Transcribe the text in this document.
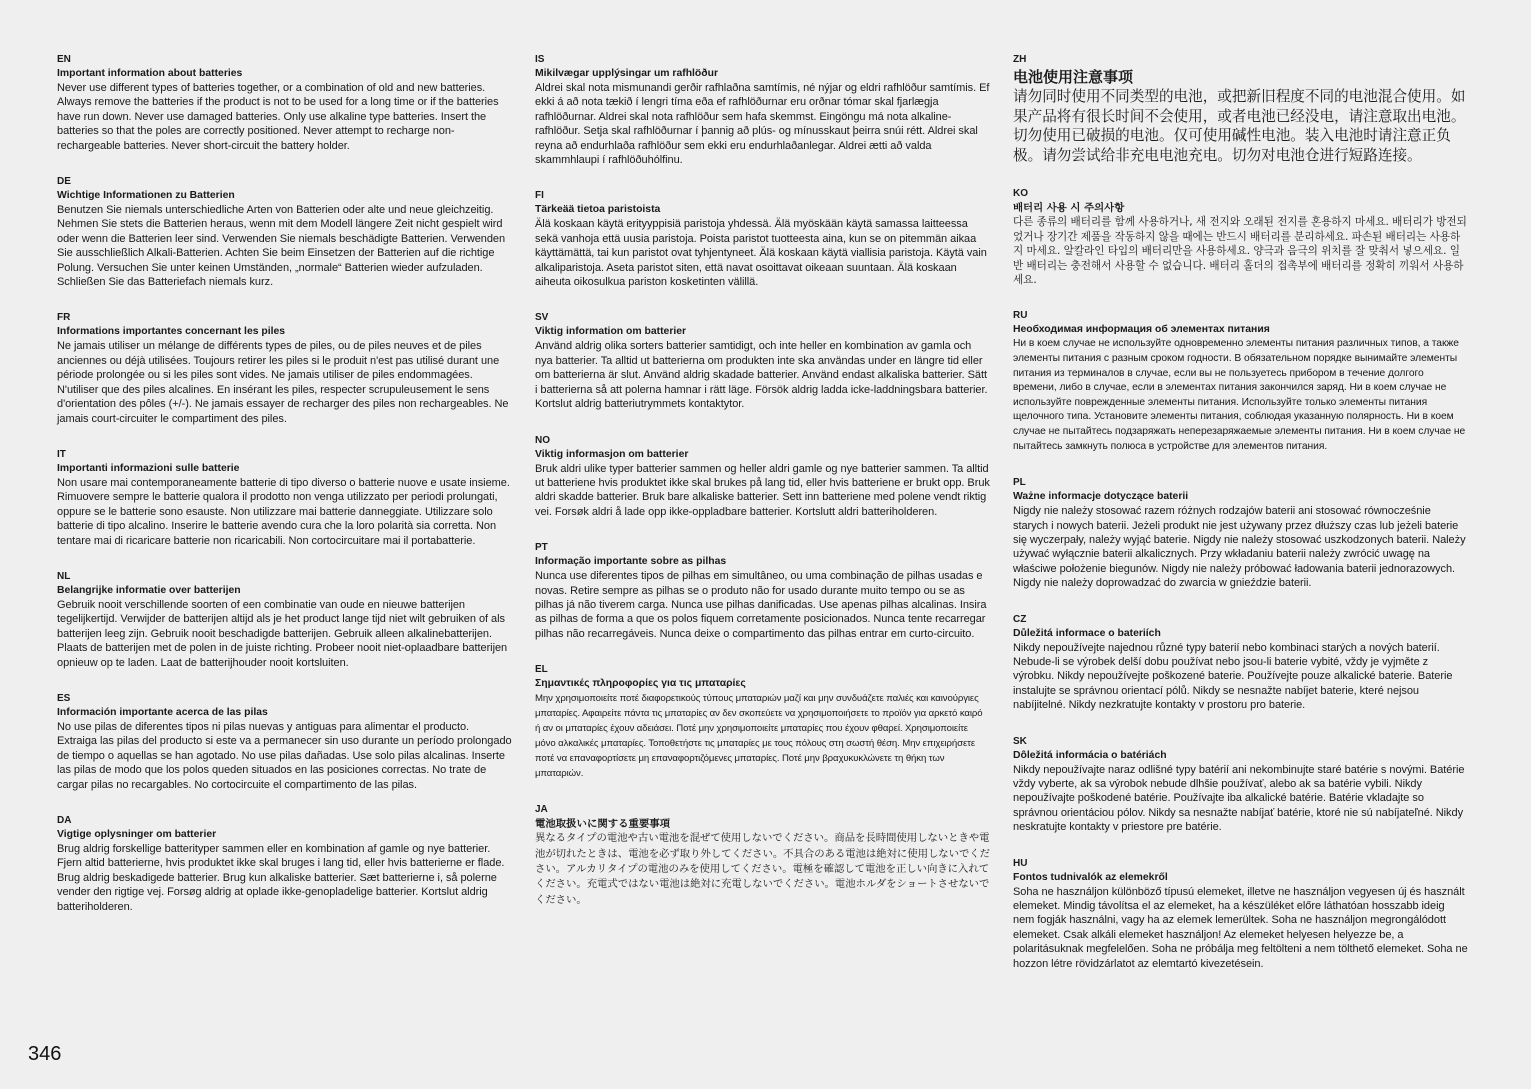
EN

Important information about batteries

Never use different types of batteries together, or a combination of old and new batteries. Always remove the batteries if the product is not to be used for a long time or if the batteries have run down. Never use damaged batteries. Only use alkaline type batteries. Insert the batteries so that the poles are correctly positioned. Never attempt to recharge non-rechargeable batteries. Never short-circuit the battery holder.

DE

Wichtige Informationen zu Batterien

Benutzen Sie niemals unterschiedliche Arten von Batterien oder alte und neue gleichzeitig. Nehmen Sie stets die Batterien heraus, wenn mit dem Modell längere Zeit nicht gespielt wird oder wenn die Batterien leer sind. Verwenden Sie niemals beschädigte Batterien. Verwenden Sie ausschließlich Alkali-Batterien. Achten Sie beim Einsetzen der Batterien auf die richtige Polung. Versuchen Sie unter keinen Umständen, „normale“ Batterien wieder aufzuladen. Schließen Sie das Batteriefach niemals kurz.

FR

Informations importantes concernant les piles

Ne jamais utiliser un mélange de différents types de piles, ou de piles neuves et de piles anciennes ou déjà utilisées. Toujours retirer les piles si le produit n'est pas utilisé durant une période prolongée ou si les piles sont vides. Ne jamais utiliser de piles endommagées. N'utiliser que des piles alcalines. En insérant les piles, respecter scrupuleusement le sens d'orientation des pôles (+/-). Ne jamais essayer de recharger des piles non rechargeables. Ne jamais court-circuiter le compartiment des piles.

IT

Importanti informazioni sulle batterie

Non usare mai contemporaneamente batterie di tipo diverso o batterie nuove e usate insieme. Rimuovere sempre le batterie qualora il prodotto non venga utilizzato per periodi prolungati, oppure se le batterie sono esauste. Non utilizzare mai batterie danneggiate. Utilizzare solo batterie di tipo alcalino. Inserire le batterie avendo cura che la loro polarità sia corretta. Non tentare mai di ricaricare batterie non ricaricabili. Non cortocircuitare mai il portabatterie.

NL

Belangrijke informatie over batterijen

Gebruik nooit verschillende soorten of een combinatie van oude en nieuwe batterijen tegelijkertijd. Verwijder de batterijen altijd als je het product lange tijd niet wilt gebruiken of als batterijen leeg zijn. Gebruik nooit beschadigde batterijen. Gebruik alleen alkalinebatterijen. Plaats de batterijen met de polen in de juiste richting. Probeer nooit niet-oplaadbare batterijen opnieuw op te laden. Laat de batterijhouder nooit kortsluiten.

ES

Información importante acerca de las pilas

No use pilas de diferentes tipos ni pilas nuevas y antiguas para alimentar el producto. Extraiga las pilas del producto si este va a permanecer sin uso durante un período prolongado de tiempo o aquellas se han agotado. No use pilas dañadas. Use solo pilas alcalinas. Inserte las pilas de modo que los polos queden situados en las posiciones correctas. No trate de cargar pilas no recargables. No cortocircuite el compartimento de las pilas.

DA

Vigtige oplysninger om batterier

Brug aldrig forskellige batterityper sammen eller en kombination af gamle og nye batterier. Fjern altid batterierne, hvis produktet ikke skal bruges i lang tid, eller hvis batterierne er flade. Brug aldrig beskadigede batterier. Brug kun alkaliske batterier. Sæt batterierne i, så polerne vender den rigtige vej. Forsøg aldrig at oplade ikke-genopladelige batterier. Kortslut aldrig batteriholderen.

IS

Mikilvægar upplýsingar um rafhlöður

Aldrei skal nota mismunandi gerðir rafhlaðna samtímis, né nýjar og eldri rafhlöður samtímis. Ef ekki á að nota tækið í lengri tíma eða ef rafhlöðurnar eru orðnar tómar skal fjarlægja rafhlöðurnar. Aldrei skal nota rafhlöður sem hafa skemmst. Eingöngu má nota alkaline-rafhlöður. Setja skal rafhlöðurnar í þannig að plús- og mínusskaut þeirra snúi rétt. Aldrei skal reyna að endurhlaða rafhlöður sem ekki eru endurhlaðanlegar. Aldrei ætti að valda skammhlaupi í rafhlöðuhólfinu.

FI

Tärkeää tietoa paristoista

Älä koskaan käytä erityyppisiä paristoja yhdessä. Älä myöskään käytä samassa laitteessa sekä vanhoja että uusia paristoja. Poista paristot tuotteesta aina, kun se on pitemmän aikaa käyttämättä, tai kun paristot ovat tyhjentyneet. Älä koskaan käytä viallisia paristoja. Käytä vain alkaliparistoja. Aseta paristot siten, että navat osoittavat oikeaan suuntaan. Älä koskaan aiheuta oikosulkua pariston kosketinten välillä.

SV

Viktig information om batterier

Använd aldrig olika sorters batterier samtidigt, och inte heller en kombination av gamla och nya batterier. Ta alltid ut batterierna om produkten inte ska användas under en längre tid eller om batterierna är slut. Använd aldrig skadade batterier. Använd endast alkaliska batterier. Sätt i batterierna så att polerna hamnar i rätt läge. Försök aldrig ladda icke-laddningsbara batterier. Kortslut aldrig batteriutrymmets kontaktytor.

NO

Viktig informasjon om batterier

Bruk aldri ulike typer batterier sammen og heller aldri gamle og nye batterier sammen. Ta alltid ut batteriene hvis produktet ikke skal brukes på lang tid, eller hvis batteriene er brukt opp. Bruk aldri skadde batterier. Bruk bare alkaliske batterier. Sett inn batteriene med polene vendt riktig vei. Forsøk aldri å lade opp ikke-oppladbare batterier. Kortslutt aldri batteriholderen.

PT

Informação importante sobre as pilhas

Nunca use diferentes tipos de pilhas em simultâneo, ou uma combinação de pilhas usadas e novas. Retire sempre as pilhas se o produto não for usado durante muito tempo ou se as pilhas já não tiverem carga. Nunca use pilhas danificadas. Use apenas pilhas alcalinas. Insira as pilhas de forma a que os polos fiquem corretamente posicionados. Nunca tente recarregar pilhas não recarregáveis. Nunca deixe o compartimento das pilhas entrar em curto-circuito.

EL

Σημαντικές πληροφορίες για τις μπαταρίες

Μην χρησιμοποιείτε ποτέ διαφορετικούς τύπους μπαταριών μαζί και μην συνδυάζετε παλιές και καινούργιες μπαταρίες. Αφαιρείτε πάντα τις μπαταρίες αν δεν σκοπεύετε να χρησιμοποιήσετε το προϊόν για αρκετό καιρό ή αν οι μπαταρίες έχουν αδειάσει. Ποτέ μην χρησιμοποιείτε μπαταρίες που έχουν φθαρεί. Χρησιμοποιείτε μόνο αλκαλικές μπαταρίες. Τοποθετήστε τις μπαταρίες με τους πόλους στη σωστή θέση. Μην επιχειρήσετε ποτέ να επαναφορτίσετε μη επαναφορτιζόμενες μπαταρίες. Ποτέ μην βραχυκυκλώνετε τη θήκη των μπαταριών.

JA

電池取扱いに関する重要事項

異なるタイプの電池や古い電池を混ぜて使用しないでください。商品を長時間使用しないときや電池が切れたときは、電池を必ず取り外してください。不具合のある電池は絶対に使用しないでください。アルカリタイプの電池のみを使用してください。電極を確認して電池を正しい向きに入れてください。充電式ではない電池は絶対に充電しないでください。電池ホルダをショートさせないでください。

ZH

电池使用注意事项

请勿同时使用不同类型的电池，或把新旧程度不同的电池混合使用。如果产品将有很长时间不会使用，或者电池已经没电，请注意取出电池。切勿使用已破损的电池。仅可使用碱性电池。装入电池时请注意正负极。请勿尝试给非充电电池充电。切勿对电池仓进行短路连接。

KO

배터리 사용 시 주의사항

다른 종류의 배터리를 함께 사용하거나, 새 전지와 오래된 전지를 혼용하지 마세요. 배터리가 방전되었거나 장기간 제품을 작동하지 않을 때에는 반드시 배터리를 분리하세요. 파손된 배터리는 사용하지 마세요. 알칼라인 타입의 배터리만을 사용하세요. 양극과 음극의 위치를 잘 맞춰서 넣으세요. 일반 배터리는 충전해서 사용할 수 없습니다. 배터리 홀더의 접촉부에 배터리를 정확히 끼워서 사용하세요.

RU

Необходимая информация об элементах питания

Ни в коем случае не используйте одновременно элементы питания различных типов, а также элементы питания с разным сроком годности. В обязательном порядке вынимайте элементы питания из терминалов в случае, если вы не пользуетесь прибором в течение долгого времени, либо в случае, если в элементах питания закончился заряд. Ни в коем случае не используйте поврежденные элементы питания. Используйте только элементы питания щелочного типа. Установите элементы питания, соблюдая указанную полярность. Ни в коем случае не пытайтесь подзаряжать неперезаряжаемые элементы питания. Ни в коем случае не пытайтесь замкнуть полюса в устройстве для элементов питания.

PL

Ważne informacje dotyczące baterii

Nigdy nie należy stosować razem różnych rodzajów baterii ani stosować równocześnie starych i nowych baterii. Jeżeli produkt nie jest używany przez dłuższy czas lub jeżeli baterie się wyczerpały, należy wyjąć baterie. Nigdy nie należy stosować uszkodzonych baterii. Należy używać wyłącznie baterii alkalicznych. Przy wkładaniu baterii należy zwrócić uwagę na właściwe położenie biegunów. Nigdy nie należy próbować ładowania baterii jednorazowych. Nigdy nie należy doprowadzać do zwarcia w gnieździe baterii.

CZ

Důležitá informace o bateriích

Nikdy nepoužívejte najednou různé typy baterií nebo kombinaci starých a nových baterií. Nebude-li se výrobek delší dobu používat nebo jsou-li baterie vybité, vždy je vyjměte z výrobku. Nikdy nepoužívejte poškozené baterie. Používejte pouze alkalické baterie. Baterie instalujte se správnou orientací pólů. Nikdy se nesnažte nabíjet baterie, které nejsou nabíjitelné. Nikdy nezkratujte kontakty v prostoru pro baterie.

SK

Dôležitá informácia o batériách

Nikdy nepoužívajte naraz odlišné typy batérií ani nekombinujte staré batérie s novými. Batérie vždy vyberte, ak sa výrobok nebude dlhšie používať, alebo ak sa batérie vybili. Nikdy nepoužívajte poškodené batérie. Používajte iba alkalické batérie. Batérie vkladajte so správnou orientáciou pólov. Nikdy sa nesnažte nabíjať batérie, ktoré nie sú nabíjateľné. Nikdy neskratujte kontakty v priestore pre batérie.

HU

Fontos tudnivalók az elemekről

Soha ne használjon különböző típusú elemeket, illetve ne használjon vegyesen új és használt elemeket. Mindig távolítsa el az elemeket, ha a készüléket előre láthatóan hosszabb ideig nem fogják használni, vagy ha az elemek lemerültek. Soha ne használjon megrongálódott elemeket. Csak alkáli elemeket használjon! Az elemeket helyesen helyezze be, a polaritásuknak megfelelően. Soha ne próbálja meg feltölteni a nem tölthető elemeket. Soha ne hozzon létre rövidzárlatot az elemtartó kivezetésein.

346
